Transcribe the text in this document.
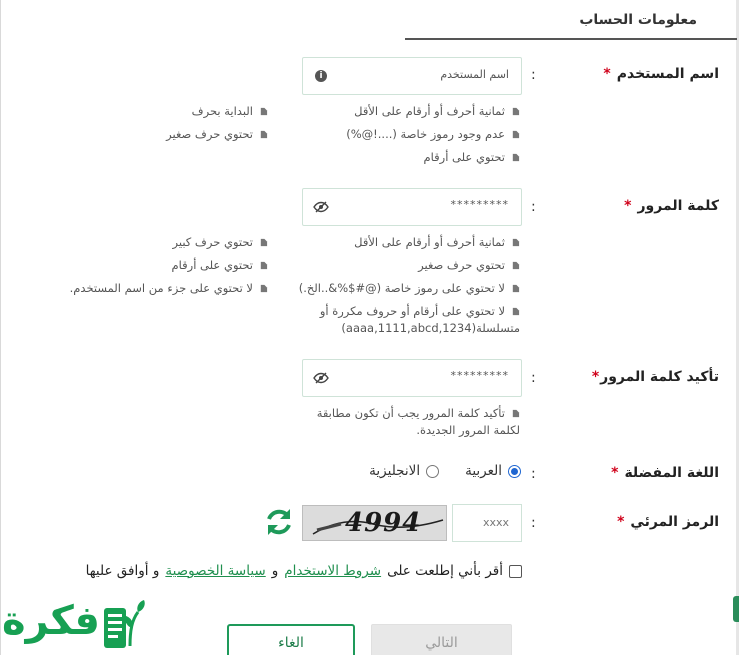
معلومات الحساب
اسم المستخدم*
:
اسم المستخدم
i
ثمانية أحرف أو أرقام على الأقل
عدم وجود رموز خاصة (....!@%)
تحتوي على أرقام
البداية بحرف
تحتوي حرف صغير
كلمة المرور*
:
*********
ثمانية أحرف أو أرقام على الأقل
تحتوي حرف صغير
لا تحتوي على رموز خاصة (@#$%&..الخ.)
لا تحتوي على أرقام أو حروف مكررة أو متسلسلة(aaaa,1111,abcd,1234)
تحتوي حرف كبير
تحتوي على أرقام
لا تحتوي على جزء من اسم المستخدم.
تأكيد كلمة المرور*
:
*********
تأكيد كلمة المرور يجب أن تكون مطابقة لكلمة المرور الجديدة.
اللغة المفضلة*
:
العربية
الانجليزية
الرمز المرئي*
:
xxxx
4994
أقر بأني إطلعت على
شروط الاستخدام
و
سياسة الخصوصية
و أوافق عليها
التالي
الغاء
فكرة
